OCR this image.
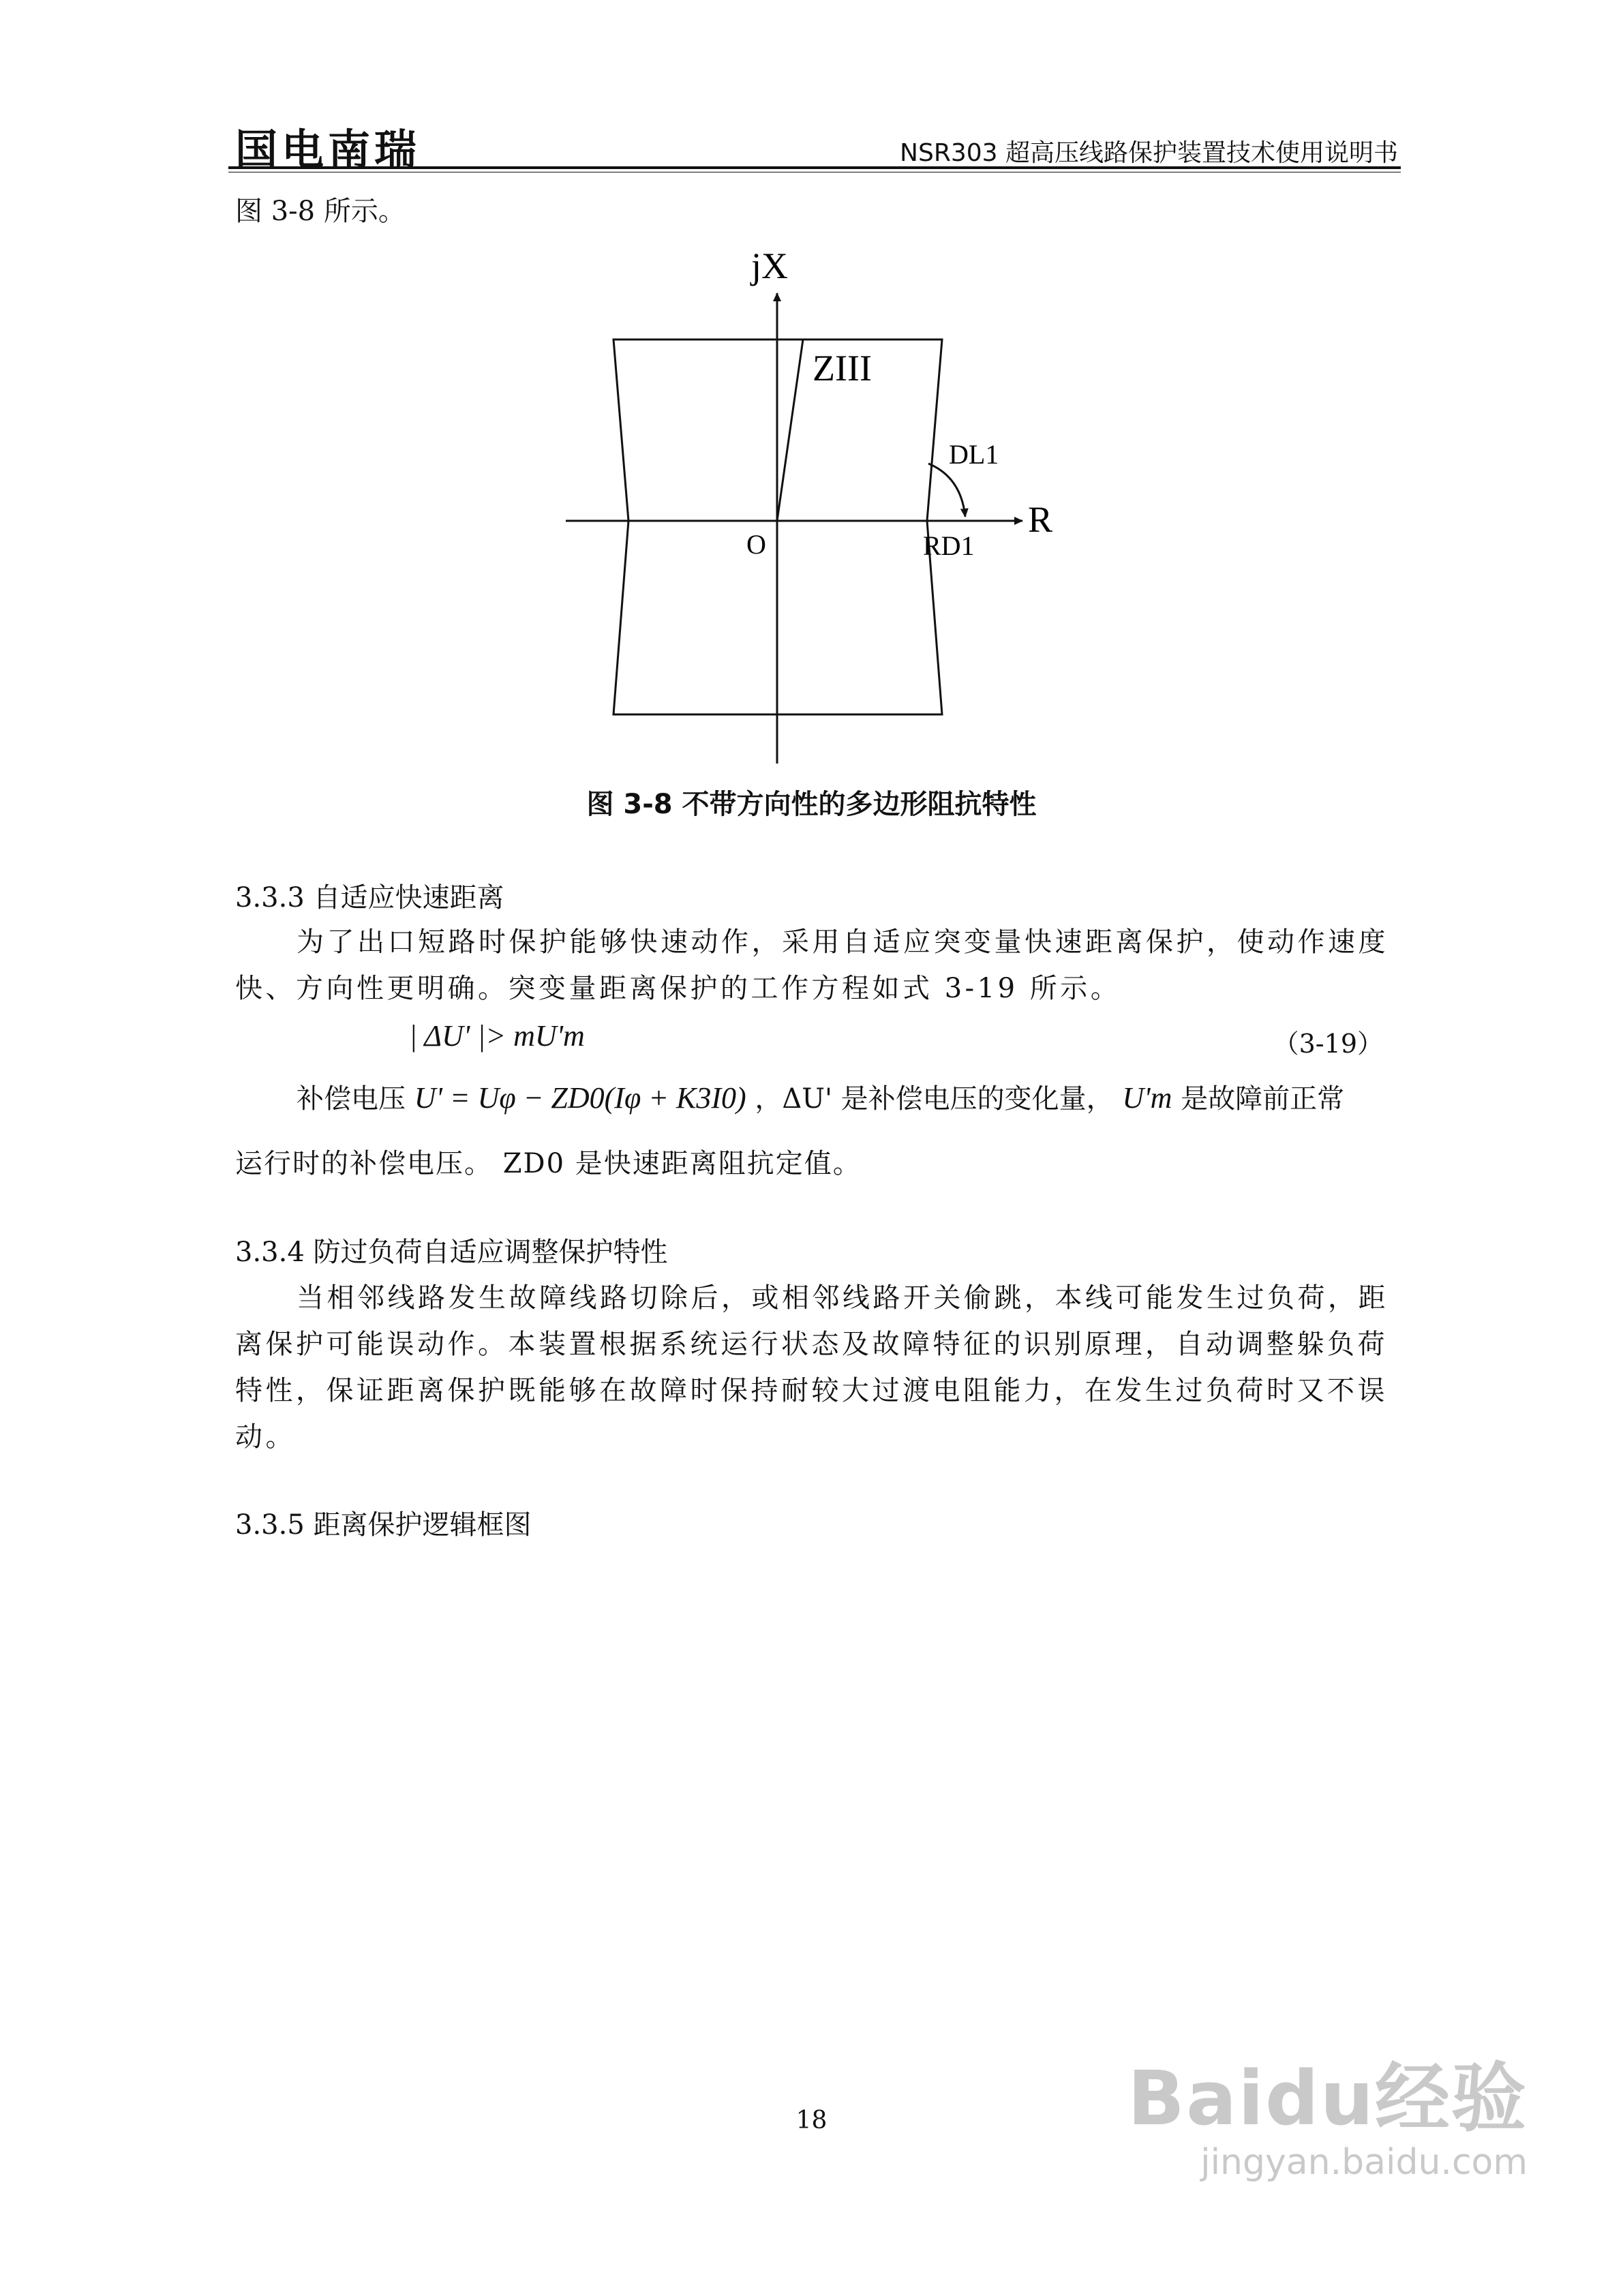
国电南瑞	NSR303 超高压线路保护装置技术使用说明书
图 3-8 所示。
jX
R
O
ZIII
DL1
RD1
图 3-8 不带方向性的多边形阻抗特性
3.3.3 自适应快速距离
为了出口短路时保护能够快速动作，采用自适应突变量快速距离保护，使动作速度
快、方向性更明确。突变量距离保护的工作方程如式 3-19 所示。
| ΔU' |> mU'm	（3-19）
补偿电压 U' = Uφ − ZD0(Iφ + K3I0) ，ΔU' 是补偿电压的变化量， U'm 是故障前正常
运行时的补偿电压。 ZD0 是快速距离阻抗定值。
3.3.4 防过负荷自适应调整保护特性
当相邻线路发生故障线路切除后，或相邻线路开关偷跳，本线可能发生过负荷，距
离保护可能误动作。本装置根据系统运行状态及故障特征的识别原理，自动调整躲负荷
特性，保证距离保护既能够在故障时保持耐较大过渡电阻能力，在发生过负荷时又不误
动。
3.3.5 距离保护逻辑框图
18	Baidu经验
jingyan.baidu.com
